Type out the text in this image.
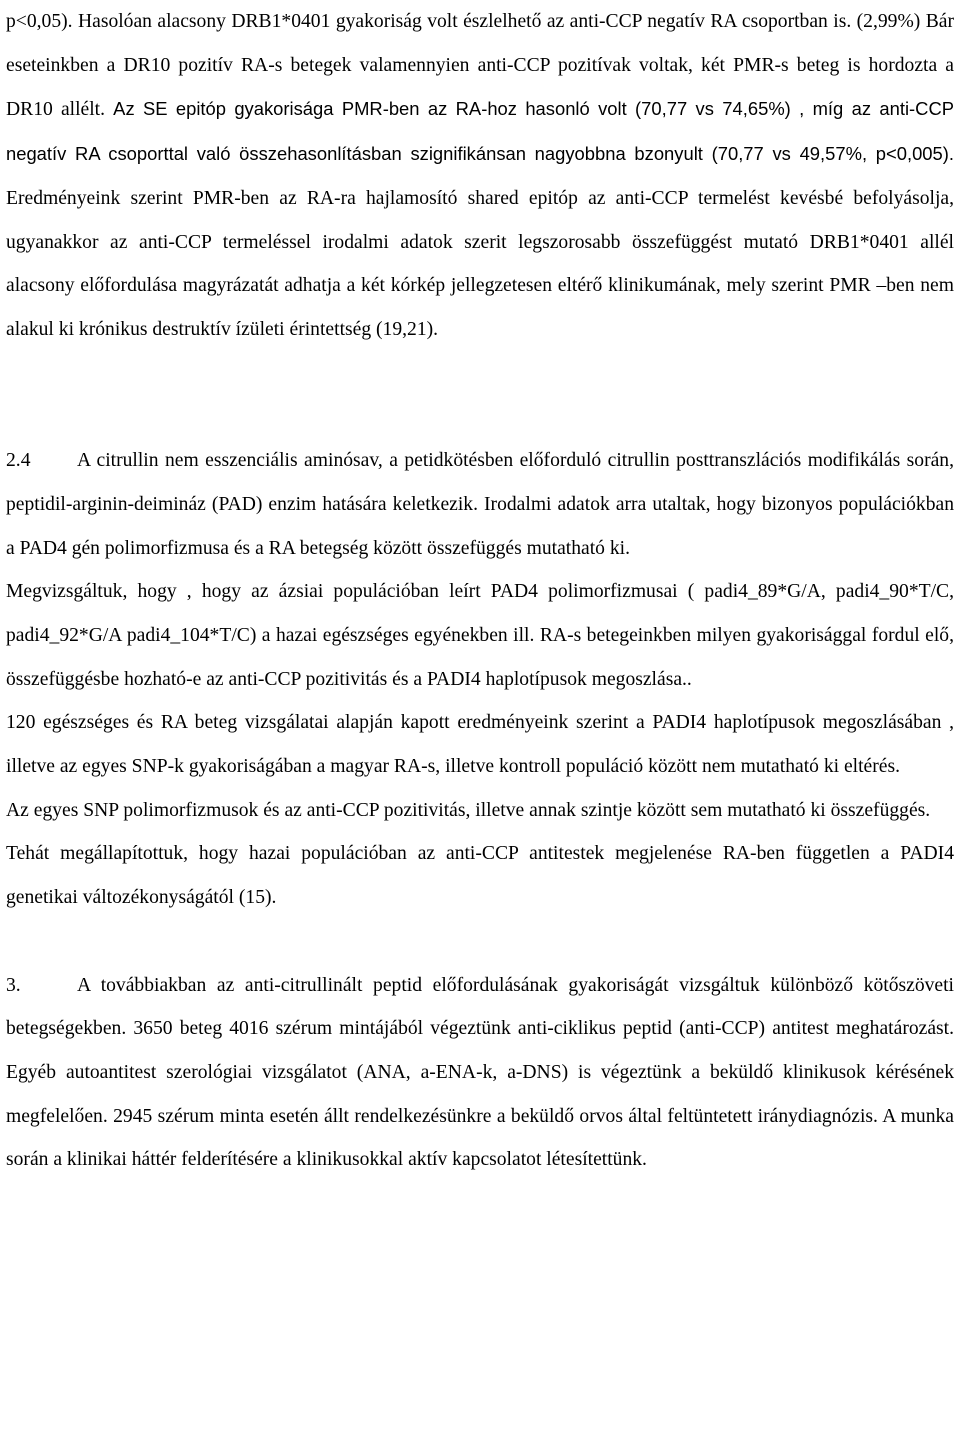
p<0,05). Hasolóan alacsony DRB1*0401 gyakoriság volt észlelhető az anti-CCP negatív RA csoportban is. (2,99%) Bár eseteinkben a DR10 pozitív RA-s betegek valamennyien anti-CCP pozitívak voltak, két PMR-s beteg is hordozta a DR10 allélt. Az SE epitóp gyakorisága PMR-ben az RA-hoz hasonló volt (70,77 vs 74,65%) , míg az anti-CCP negatív RA csoporttal való összehasonlításban szignifikánsan nagyobbna bzonyult (70,77 vs 49,57%, p<0,005). Eredményeink szerint PMR-ben az RA-ra hajlamosító shared epitóp az anti-CCP termelést kevésbé befolyásolja, ugyanakkor az anti-CCP termeléssel irodalmi adatok szerit legszorosabb összefüggést mutató DRB1*0401 allél alacsony előfordulása magyrázatát adhatja a két kórkép jellegzetesen eltérő klinikumának, mely szerint PMR –ben nem alakul ki krónikus destruktív ízületi érintettség (19,21).

2.4 A citrullin nem esszenciális aminósav, a petidkötésben előforduló citrullin posttranszlációs modifikálás során, peptidil-arginin-deimináz (PAD) enzim hatására keletkezik. Irodalmi adatok arra utaltak, hogy bizonyos populációkban a PAD4 gén polimorfizmusa és a RA betegség között összefüggés mutatható ki.

Megvizsgáltuk, hogy , hogy az ázsiai populációban leírt PAD4 polimorfizmusai ( padi4_89*G/A, padi4_90*T/C, padi4_92*G/A padi4_104*T/C) a hazai egészséges egyénekben ill. RA-s betegeinkben milyen gyakorisággal fordul elő, összefüggésbe hozható-e az anti-CCP pozitivitás és a PADI4 haplotípusok megoszlása..

120 egészséges és RA beteg vizsgálatai alapján kapott eredményeink szerint a PADI4 haplotípusok megoszlásában , illetve az egyes SNP-k gyakoriságában a magyar RA-s, illetve kontroll populáció között nem mutatható ki eltérés.

Az egyes SNP polimorfizmusok és az anti-CCP pozitivitás, illetve annak szintje között sem mutatható ki összefüggés.

Tehát megállapítottuk, hogy hazai populációban az anti-CCP antitestek megjelenése RA-ben független a PADI4 genetikai változékonyságától (15).

3.	A továbbiakban az anti-citrullinált peptid előfordulásának gyakoriságát vizsgáltuk különböző kötőszöveti betegségekben. 3650 beteg 4016 szérum mintájából végeztünk anti-ciklikus peptid (anti-CCP) antitest meghatározást. Egyéb autoantitest szerológiai vizsgálatot (ANA, a-ENA-k, a-DNS) is végeztünk a beküldő klinikusok kérésének megfelelően. 2945 szérum minta esetén állt rendelkezésünkre a beküldő orvos által feltüntetett iránydiagnózis. A munka során a klinikai háttér felderítésére a klinikusokkal aktív kapcsolatot létesítettünk.
